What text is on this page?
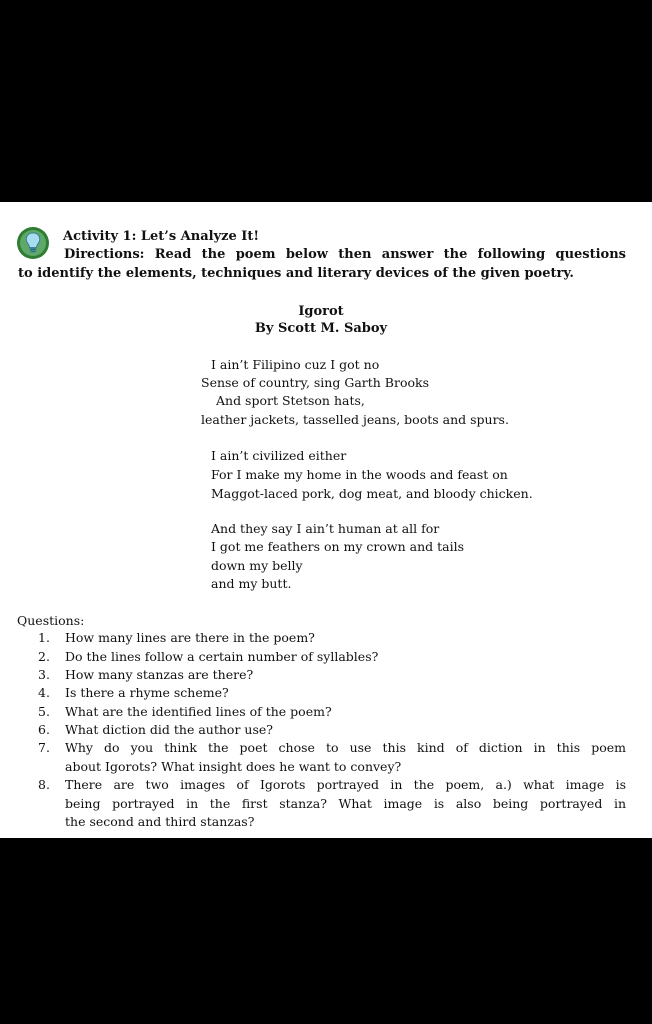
Activity 1: Let’s Analyze It!
Directions: Read the poem below then answer the following questions
to identify the elements, techniques and literary devices of the given poetry.
Igorot
By Scott M. Saboy
I ain’t Filipino cuz I got no
Sense of country, sing Garth Brooks
And sport Stetson hats,
leather jackets, tasselled jeans, boots and spurs.
I ain’t civilized either
For I make my home in the woods and feast on
Maggot-laced pork, dog meat, and bloody chicken.
And they say I ain’t human at all for
I got me feathers on my crown and tails
down my belly
and my butt.
Questions:
1. How many lines are there in the poem?
2. Do the lines follow a certain number of syllables?
3. How many stanzas are there?
4. Is there a rhyme scheme?
5. What are the identified lines of the poem?
6. What diction did the author use?
7. Why do you think the poet chose to use this kind of diction in this poem
about Igorots? What insight does he want to convey?
8. There are two images of Igorots portrayed in the poem, a.) what image is
being portrayed in the first stanza? What image is also being portrayed in
the second and third stanzas?
